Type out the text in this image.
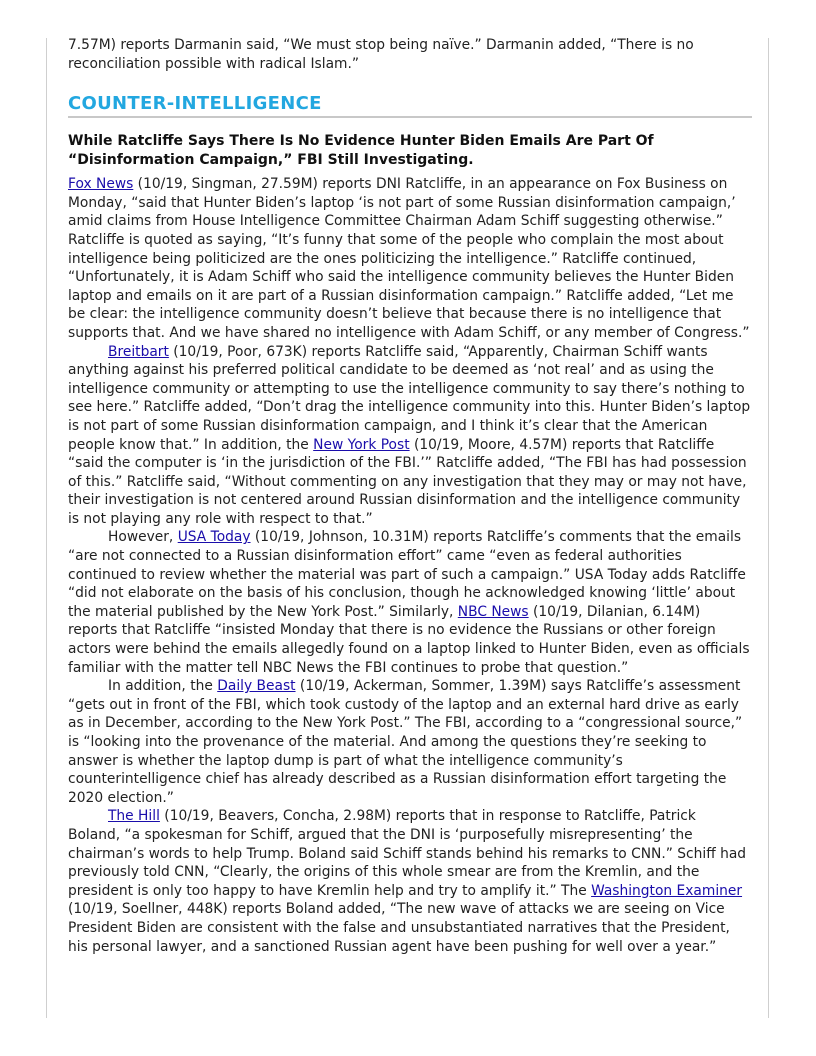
7.57M) reports Darmanin said, “We must stop being naïve.” Darmanin added, “There is no reconciliation possible with radical Islam.”

COUNTER-INTELLIGENCE
While Ratcliffe Says There Is No Evidence Hunter Biden Emails Are Part Of “Disinformation Campaign,” FBI Still Investigating.

Fox News (10/19, Singman, 27.59M) reports DNI Ratcliffe, in an appearance on Fox Business on Monday, “said that Hunter Biden’s laptop ‘is not part of some Russian disinformation campaign,’ amid claims from House Intelligence Committee Chairman Adam Schiff suggesting otherwise.” Ratcliffe is quoted as saying, “It’s funny that some of the people who complain the most about intelligence being politicized are the ones politicizing the intelligence.” Ratcliffe continued, “Unfortunately, it is Adam Schiff who said the intelligence community believes the Hunter Biden laptop and emails on it are part of a Russian disinformation campaign.” Ratcliffe added, “Let me be clear: the intelligence community doesn’t believe that because there is no intelligence that supports that. And we have shared no intelligence with Adam Schiff, or any member of Congress.”

Breitbart (10/19, Poor, 673K) reports Ratcliffe said, “Apparently, Chairman Schiff wants anything against his preferred political candidate to be deemed as ‘not real’ and as using the intelligence community or attempting to use the intelligence community to say there’s nothing to see here.” Ratcliffe added, “Don’t drag the intelligence community into this. Hunter Biden’s laptop is not part of some Russian disinformation campaign, and I think it’s clear that the American people know that.” In addition, the New York Post (10/19, Moore, 4.57M) reports that Ratcliffe “said the computer is ‘in the jurisdiction of the FBI.’” Ratcliffe added, “The FBI has had possession of this.” Ratcliffe said, “Without commenting on any investigation that they may or may not have, their investigation is not centered around Russian disinformation and the intelligence community is not playing any role with respect to that.”

However, USA Today (10/19, Johnson, 10.31M) reports Ratcliffe’s comments that the emails “are not connected to a Russian disinformation effort” came “even as federal authorities continued to review whether the material was part of such a campaign.” USA Today adds Ratcliffe “did not elaborate on the basis of his conclusion, though he acknowledged knowing ‘little’ about the material published by the New York Post.” Similarly, NBC News (10/19, Dilanian, 6.14M) reports that Ratcliffe “insisted Monday that there is no evidence the Russians or other foreign actors were behind the emails allegedly found on a laptop linked to Hunter Biden, even as officials familiar with the matter tell NBC News the FBI continues to probe that question.”

In addition, the Daily Beast (10/19, Ackerman, Sommer, 1.39M) says Ratcliffe’s assessment “gets out in front of the FBI, which took custody of the laptop and an external hard drive as early as in December, according to the New York Post.” The FBI, according to a “congressional source,” is “looking into the provenance of the material. And among the questions they’re seeking to answer is whether the laptop dump is part of what the intelligence community’s counterintelligence chief has already described as a Russian disinformation effort targeting the 2020 election.”

The Hill (10/19, Beavers, Concha, 2.98M) reports that in response to Ratcliffe, Patrick Boland, “a spokesman for Schiff, argued that the DNI is ‘purposefully misrepresenting’ the chairman’s words to help Trump. Boland said Schiff stands behind his remarks to CNN.” Schiff had previously told CNN, “Clearly, the origins of this whole smear are from the Kremlin, and the president is only too happy to have Kremlin help and try to amplify it.” The Washington Examiner (10/19, Soellner, 448K) reports Boland added, “The new wave of attacks we are seeing on Vice President Biden are consistent with the false and unsubstantiated narratives that the President, his personal lawyer, and a sanctioned Russian agent have been pushing for well over a year.”
